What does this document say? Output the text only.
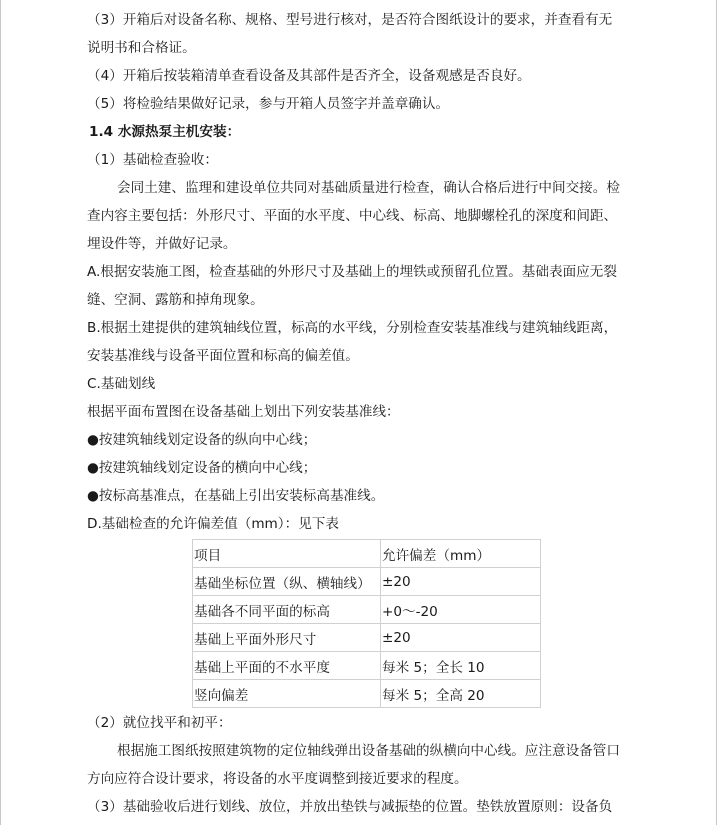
（3）开箱后对设备名称、规格、型号进行核对，是否符合图纸设计的要求，并查看有无
说明书和合格证。
（4）开箱后按装箱清单查看设备及其部件是否齐全，设备观感是否良好。
（5）将检验结果做好记录，参与开箱人员签字并盖章确认。
1.4 水源热泵主机安装：
（1）基础检查验收：
会同土建、监理和建设单位共同对基础质量进行检查，确认合格后进行中间交接。检
查内容主要包括：外形尺寸、平面的水平度、中心线、标高、地脚螺栓孔的深度和间距、
埋设件等，并做好记录。
A.根据安装施工图，检查基础的外形尺寸及基础上的埋铁或预留孔位置。基础表面应无裂
缝、空洞、露筋和掉角现象。
B.根据土建提供的建筑轴线位置，标高的水平线，分别检查安装基准线与建筑轴线距离，
安装基准线与设备平面位置和标高的偏差值。
C.基础划线
根据平面布置图在设备基础上划出下列安装基准线：
●按建筑轴线划定设备的纵向中心线；
●按建筑轴线划定设备的横向中心线；
●按标高基准点，在基础上引出安装标高基准线。
D.基础检查的允许偏差值（mm）：见下表
项目	允许偏差（mm）
基础坐标位置（纵、横轴线）	±20
基础各不同平面的标高	+0～-20
基础上平面外形尺寸	±20
基础上平面的不水平度	每米 5；全长 10
竖向偏差	每米 5；全高 20
（2）就位找平和初平：
根据施工图纸按照建筑物的定位轴线弹出设备基础的纵横向中心线。应注意设备管口
方向应符合设计要求，将设备的水平度调整到接近要求的程度。
（3）基础验收后进行划线、放位，并放出垫铁与减振垫的位置。垫铁放置原则：设备负
